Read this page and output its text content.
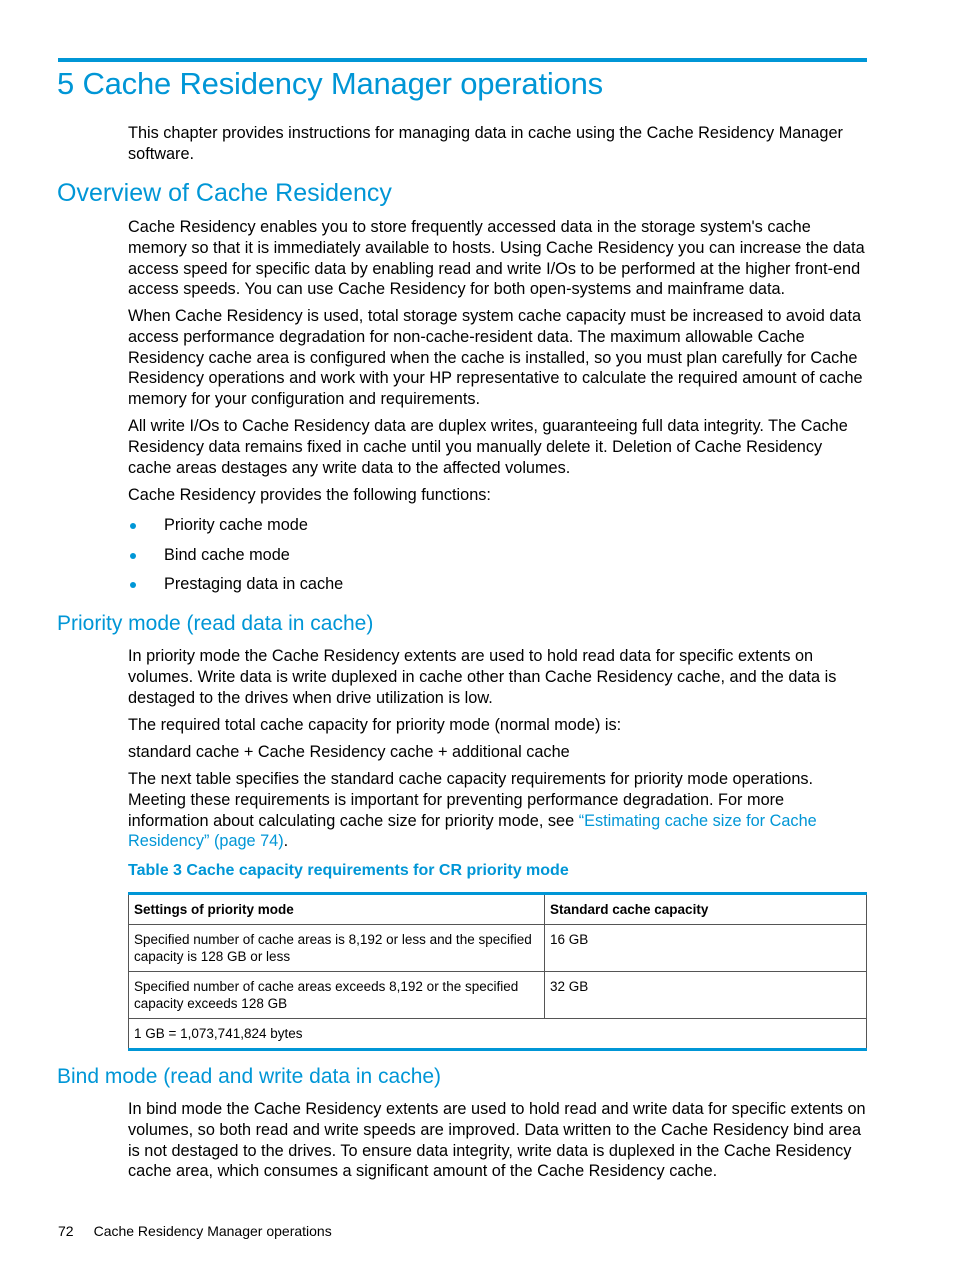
5 Cache Residency Manager operations

This chapter provides instructions for managing data in cache using the Cache Residency Manager software.

Overview of Cache Residency

Cache Residency enables you to store frequently accessed data in the storage system's cache memory so that it is immediately available to hosts. Using Cache Residency you can increase the data access speed for specific data by enabling read and write I/Os to be performed at the higher front-end access speeds. You can use Cache Residency for both open-systems and mainframe data.

When Cache Residency is used, total storage system cache capacity must be increased to avoid data access performance degradation for non-cache-resident data. The maximum allowable Cache Residency cache area is configured when the cache is installed, so you must plan carefully for Cache Residency operations and work with your HP representative to calculate the required amount of cache memory for your configuration and requirements.

All write I/Os to Cache Residency data are duplex writes, guaranteeing full data integrity. The Cache Residency data remains fixed in cache until you manually delete it. Deletion of Cache Residency cache areas destages any write data to the affected volumes.

Cache Residency provides the following functions:

Priority cache mode
Bind cache mode
Prestaging data in cache
Priority mode (read data in cache)

In priority mode the Cache Residency extents are used to hold read data for specific extents on volumes. Write data is write duplexed in cache other than Cache Residency cache, and the data is destaged to the drives when drive utilization is low.

The required total cache capacity for priority mode (normal mode) is:

standard cache + Cache Residency cache + additional cache

The next table specifies the standard cache capacity requirements for priority mode operations. Meeting these requirements is important for preventing performance degradation. For more information about calculating cache size for priority mode, see “Estimating cache size for Cache Residency” (page 74).

Table 3 Cache capacity requirements for CR priority mode

Settings of priority mode	Standard cache capacity
Specified number of cache areas is 8,192 or less and the specified capacity is 128 GB or less	16 GB
Specified number of cache areas exceeds 8,192 or the specified capacity exceeds 128 GB	32 GB
1 GB = 1,073,741,824 bytes	
Bind mode (read and write data in cache)

In bind mode the Cache Residency extents are used to hold read and write data for specific extents on volumes, so both read and write speeds are improved. Data written to the Cache Residency bind area is not destaged to the drives. To ensure data integrity, write data is duplexed in the Cache Residency cache area, which consumes a significant amount of the Cache Residency cache.

72 Cache Residency Manager operations
